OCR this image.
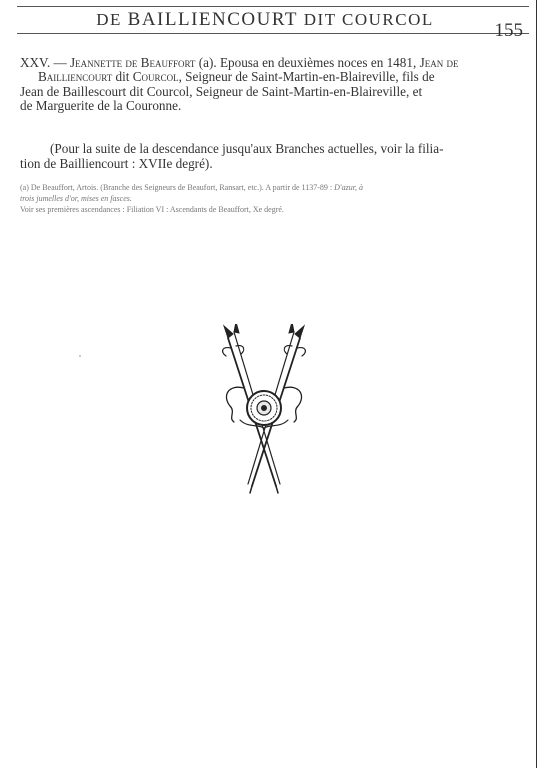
DE BAILLIENCOURT DIT COURCOL
155
XXV. — Jeannette de Beauffort (a). Epousa en deuxièmes noces en 1481, Jean de
Bailliencourt dit Courcol, Seigneur de Saint-Martin-en-Blaireville, fils de
Jean de Baillescourt dit Courcol, Seigneur de Saint-Martin-en-Blaireville, et
de Marguerite de la Couronne.
(Pour la suite de la descendance jusqu'aux Branches actuelles, voir la filia-
tion de Bailliencourt : XVIIe degré).
(a) De Beauffort, Artois. (Branche des Seigneurs de Beaufort, Ransart, etc.). A partir de 1137-89 : D'azur, à
trois jumelles d'or, mises en fasces.
Voir ses premières ascendances : Filiation VI : Ascendants de Beauffort, Xe degré.
